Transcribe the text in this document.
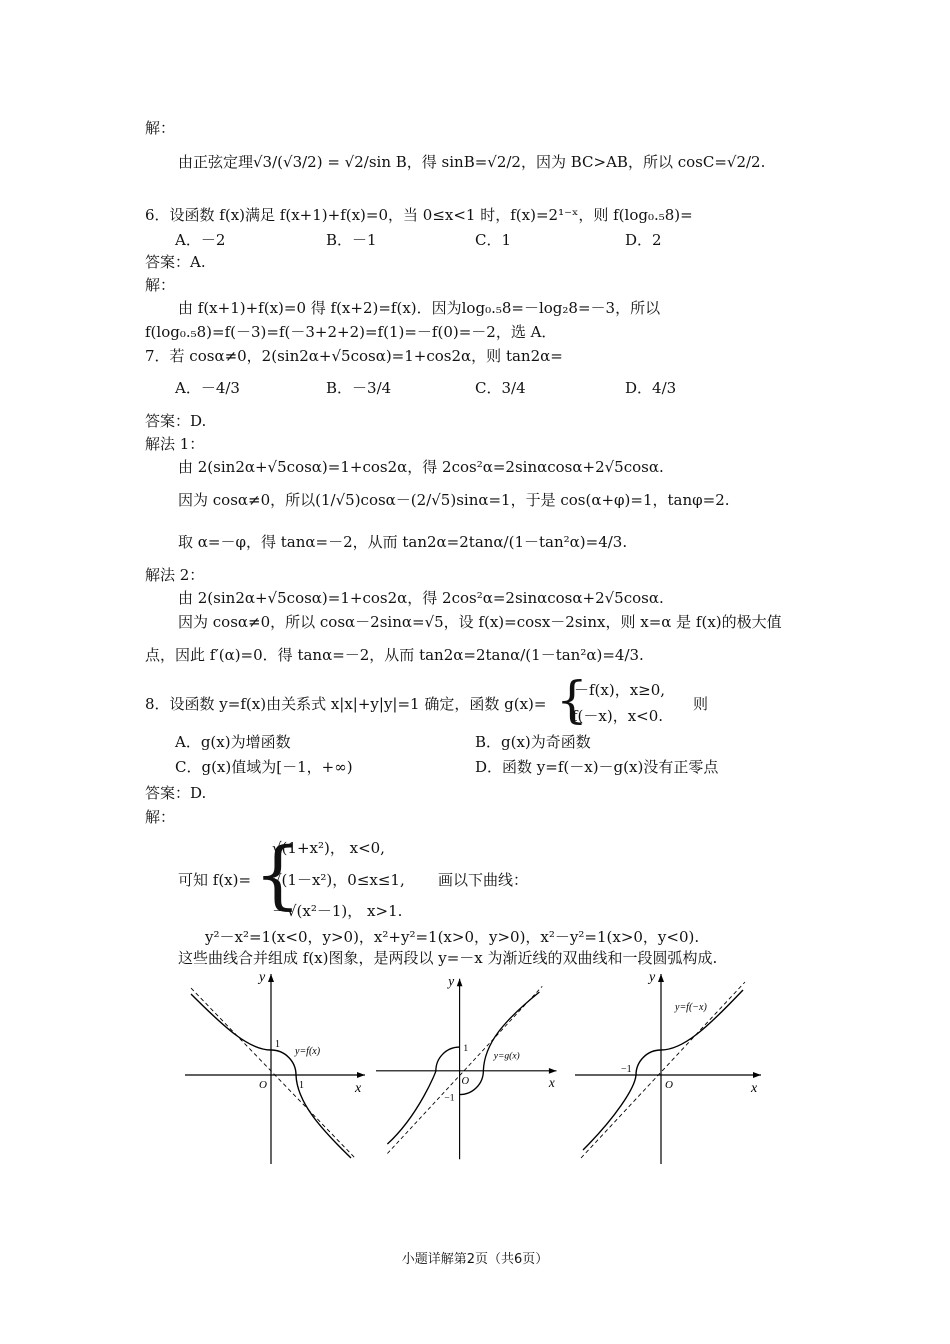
解：
由正弦定理√3/(√3/2) = √2/sin B，得 sinB=√2/2，因为 BC>AB，所以 cosC=√2/2.
6．设函数 f(x)满足 f(x+1)+f(x)=0，当 0≤x<1 时，f(x)=2¹⁻ˣ，则 f(log₀.₅8)=
A．－2	B．－1	C．1	D．2
答案：A.
解：
由 f(x+1)+f(x)=0 得 f(x+2)=f(x)．因为log₀.₅8=－log₂8=－3，所以
f(log₀.₅8)=f(－3)=f(－3+2+2)=f(1)=－f(0)=－2，选 A．
7．若 cosα≠0，2(sin2α+√5cosα)=1+cos2α，则 tan2α=
A．－4/3	B．－3/4	C．3/4	D．4/3
答案：D.
解法 1：
由 2(sin2α+√5cosα)=1+cos2α，得 2cos²α=2sinαcosα+2√5cosα.
因为 cosα≠0，所以(1/√5)cosα－(2/√5)sinα=1，于是 cos(α+φ)=1，tanφ=2.
取 α=－φ，得 tanα=－2，从而 tan2α=2tanα/(1－tan²α)=4/3.
解法 2：
由 2(sin2α+√5cosα)=1+cos2α，得 2cos²α=2sinαcosα+2√5cosα.
因为 cosα≠0，所以 cosα－2sinα=√5，设 f(x)=cosx－2sinx，则 x=α 是 f(x)的极大值
点，因此 f′(α)=0．得 tanα=－2，从而 tan2α=2tanα/(1－tan²α)=4/3.
8．设函数 y=f(x)由关系式 x|x|+y|y|=1 确定，函数 g(x)= {
－f(x)，x≥0,
f(－x)，x<0.
则
A．g(x)为增函数	B．g(x)为奇函数
C．g(x)值域为[－1，+∞)	D．函数 y=f(－x)－g(x)没有正零点
答案：D.
解：
可知 f(x)= {
√(1+x²)， x<0,
√(1－x²)，0≤x≤1,
－√(x²－1)， x>1.
画以下曲线：
y²－x²=1(x<0，y>0)，x²+y²=1(x>0，y>0)，x²－y²=1(x>0，y<0).
这些曲线合并组成 f(x)图象，是两段以 y=－x 为渐近线的双曲线和一段圆弧构成.
y
x
O
1
1
y=f(x)
y
x
O
1
−1
y=g(x)
y
x
O
−1
y=f(−x)
小题详解第2页（共6页）
